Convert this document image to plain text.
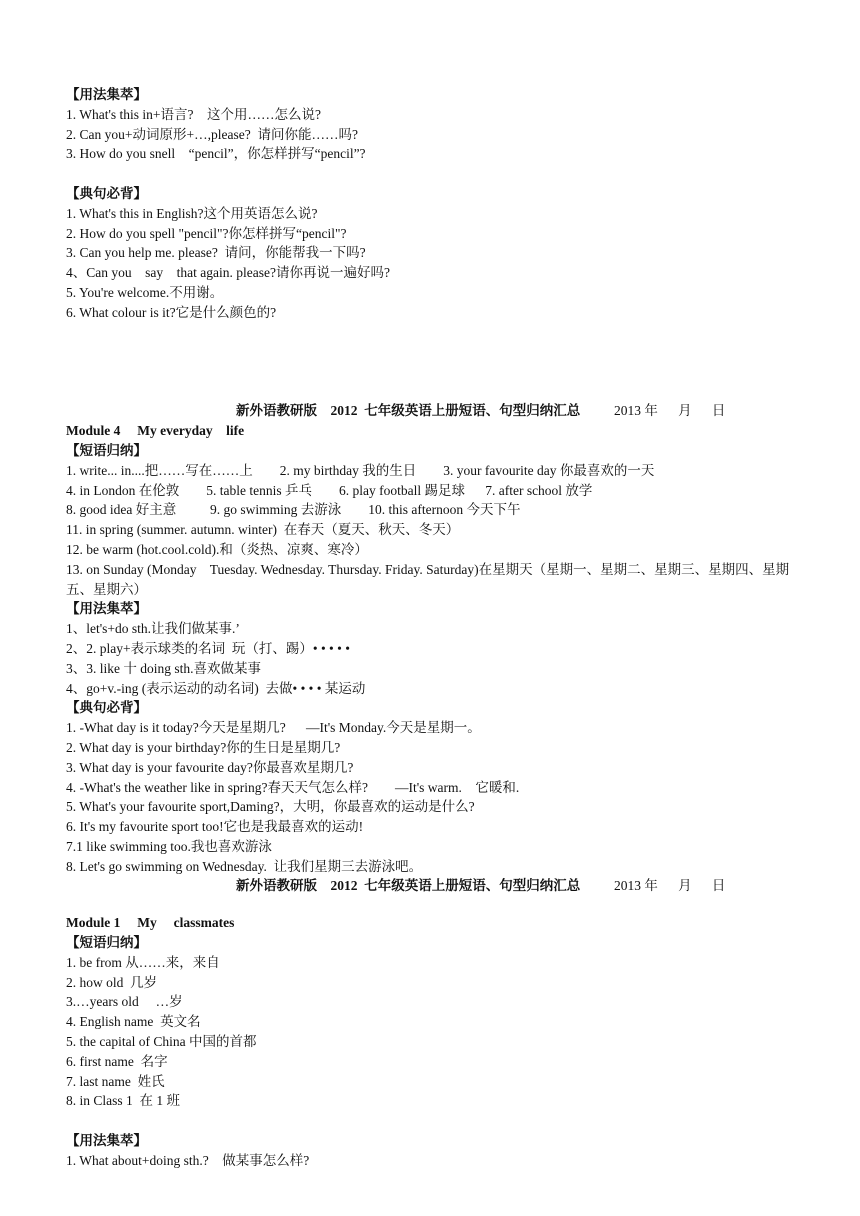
【用法集萃】
1. What's this in+语言?    这个用……怎么说?
2. Can you+动词原形+…,please?  请问你能……吗?
3. How do you snell    “pencil”，你怎样拼写“pencil”?
【典句必背】
1. What's this in English?这个用英语怎么说?
2. How do you spell "pencil"?你怎样拼写“pencil"?
3. Can you help me. please?  请问，你能帮我一下吗?
4、Can you    say    that again. please?请你再说一遍好吗?
5. You're welcome.不用谢。
6. What colour is it?它是什么颜色的?
新外语教研版    2012  七年级英语上册短语、句型归纳汇总	2013 年      月      日
Module 4     My everyday    life
【短语归纳】
1. write... in....把……写在……上        2. my birthday 我的生日        3. your favourite day 你最喜欢的一天
4. in London 在伦敦        5. table tennis 乒乓        6. play football 踢足球      7. after school 放学
8. good idea 好主意          9. go swimming 去游泳        10. this afternoon 今天下午
11. in spring (summer. autumn. winter)  在春天（夏天、秋天、冬天）
12. be warm (hot.cool.cold).和（炎热、凉爽、寒冷）
13. on Sunday (Monday    Tuesday. Wednesday. Thursday. Friday. Saturday)在星期天（星期一、星期二、星期三、星期四、星期五、星期六）
【用法集萃】
1、let's+do sth.让我们做某事.’
2、2. play+表示球类的名词  玩（打、踢）• • • • •
3、3. like 十 doing sth.喜欢做某事
4、go+v.-ing (表示运动的动名词)  去做• • • • 某运动
【典句必背】
1. -What day is it today?今天是星期几?      —It's Monday.今天是星期一。
2. What day is your birthday?你的生日是星期几?
3. What day is your favourite day?你最喜欢星期几?
4. -What's the weather like in spring?春天天气怎么样?        —It's warm.    它暖和.
5. What's your favourite sport,Daming?，大明，你最喜欢的运动是什么?
6. It's my favourite sport too!它也是我最喜欢的运动!
7.1 like swimming too.我也喜欢游泳
8. Let's go swimming on Wednesday.  让我们星期三去游泳吧。
新外语教研版    2012  七年级英语上册短语、句型归纳汇总	2013 年      月      日
Module 1     My     classmates
【短语归纳】
1. be from 从……来，来自
2. how old  几岁
3.…years old     …岁
4. English name  英文名
5. the capital of China 中国的首都
6. first name  名字
7. last name  姓氏
8. in Class 1  在 1 班
【用法集萃】
1. What about+doing sth.?    做某事怎么样?
